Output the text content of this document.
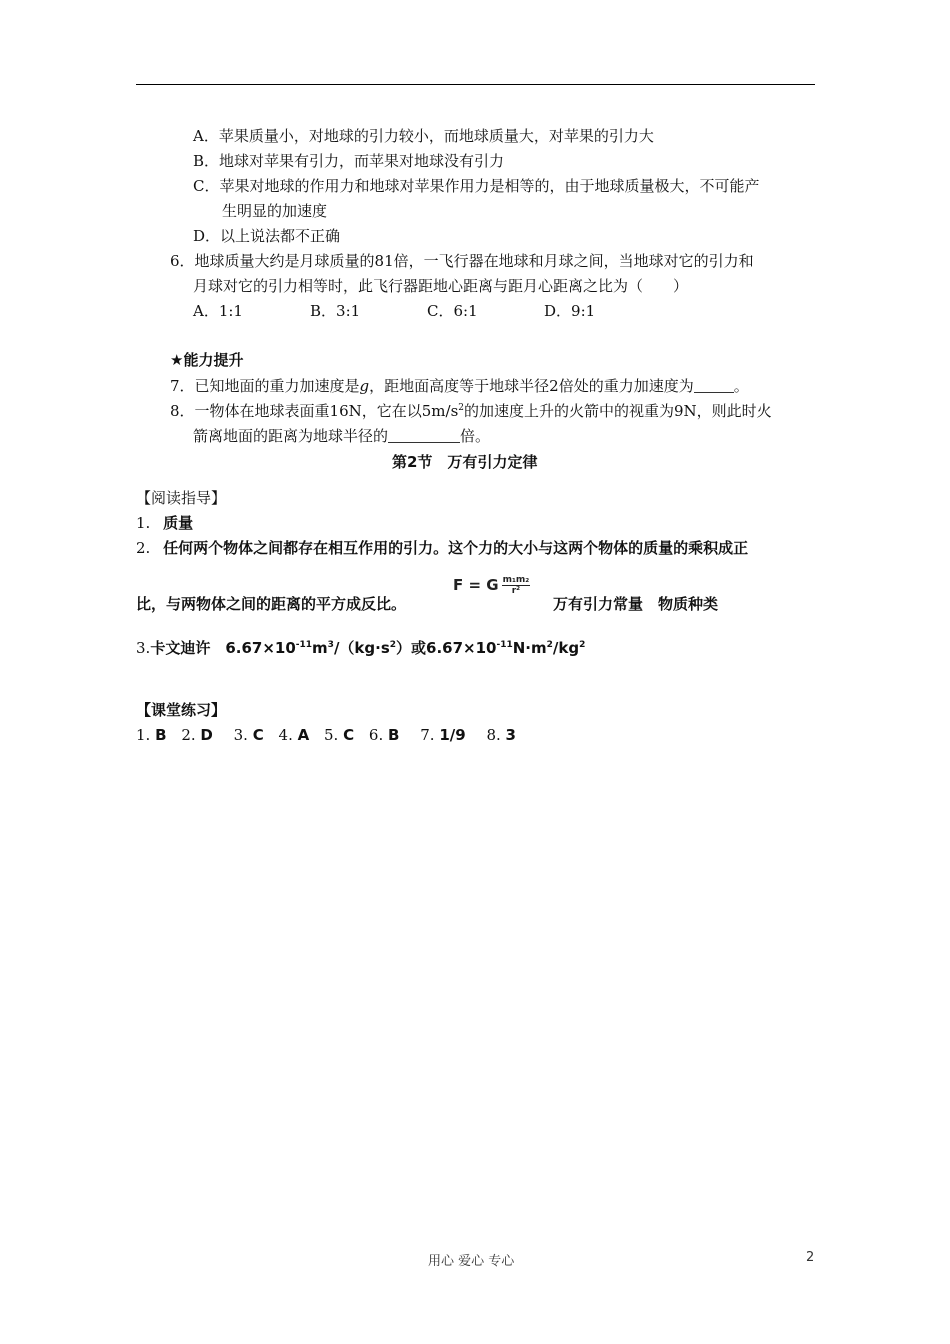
A．苹果质量小，对地球的引力较小，而地球质量大，对苹果的引力大
B．地球对苹果有引力，而苹果对地球没有引力
C．苹果对地球的作用力和地球对苹果作用力是相等的，由于地球质量极大，不可能产
生明显的加速度
D．以上说法都不正确
6．地球质量大约是月球质量的81倍，一飞行器在地球和月球之间，当地球对它的引力和
月球对它的引力相等时，此飞行器距地心距离与距月心距离之比为（　　）
A．1:1	B．3:1	C．6:1	D．9:1
★能力提升
7．已知地面的重力加速度是g，距地面高度等于地球半径2倍处的重力加速度为	。
8．一物体在地球表面重16N，它在以$5m/s^2$的加速度上升的火箭中的视重为9N，则此时火
箭离地面的距离为地球半径的	倍。
第2节　万有引力定律
【阅读指导】
1. 质量
2. 任何两个物体之间都存在相互作用的引力。这个力的大小与这两个物体的质量的乘积成正
F = G $\frac{\text{m₁m₂}}{\text{r²}}$
比，与两物体之间的距离的平方成反比。	万有引力常量　物质种类
3.卡文迪许　$6.67\times 10^{-11}m^3/(kg\cdot s^2)$或$6.67\times 10^{-11}N\cdot m^2/kg^2$
【课堂练习】
1. B 2. D 3. C 4. A 5. C 6. B 7. 1/9 8. 3
用心 爱心 专心	2
